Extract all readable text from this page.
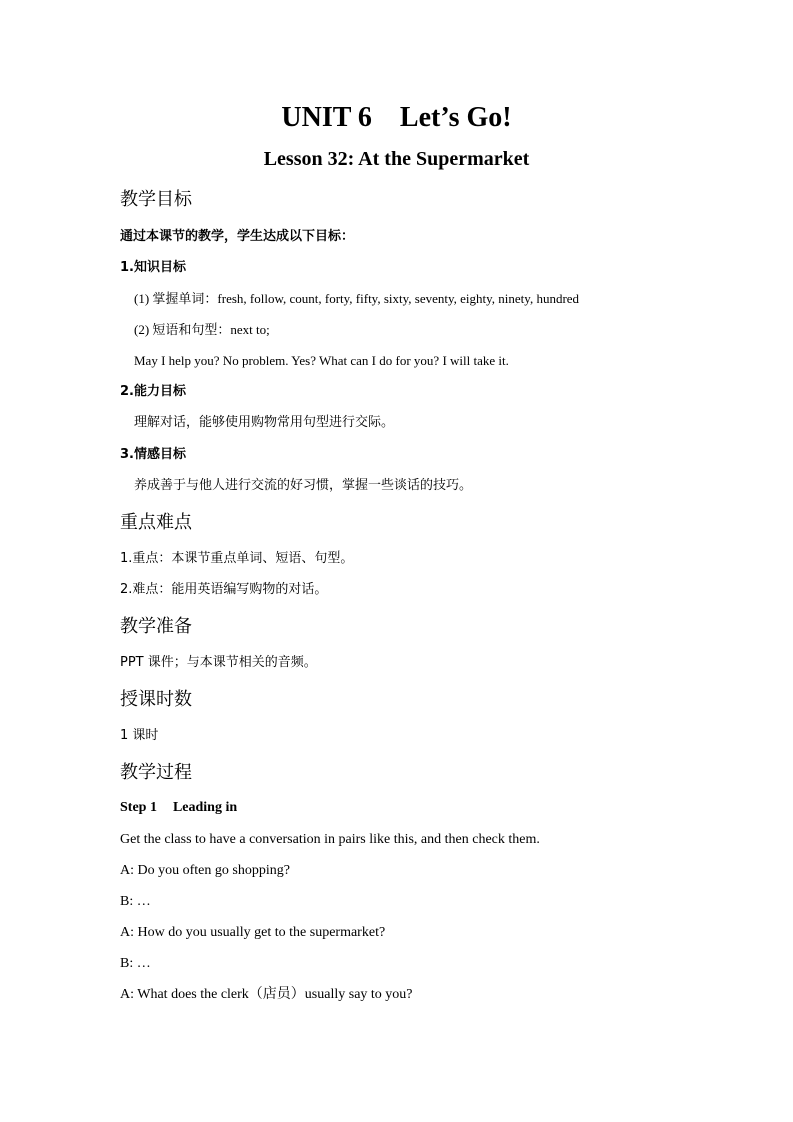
UNIT 6 Let’s Go!
Lesson 32: At the Supermarket
教学目标
通过本课节的教学，学生达成以下目标：
1.知识目标
(1) 掌握单词：fresh, follow, count, forty, fifty, sixty, seventy, eighty, ninety, hundred
(2) 短语和句型：next to;
May I help you? No problem. Yes? What can I do for you? I will take it.
2.能力目标
理解对话，能够使用购物常用句型进行交际。
3.情感目标
养成善于与他人进行交流的好习惯，掌握一些谈话的技巧。
重点难点
1.重点：本课节重点单词、短语、句型。
2.难点：能用英语编写购物的对话。
教学准备
PPT 课件；与本课节相关的音频。
授课时数
1 课时
教学过程
Step 1 Leading in
Get the class to have a conversation in pairs like this, and then check them.
A: Do you often go shopping?
B: …
A: How do you usually get to the supermarket?
B: …
A: What does the clerk（店员）usually say to you?
